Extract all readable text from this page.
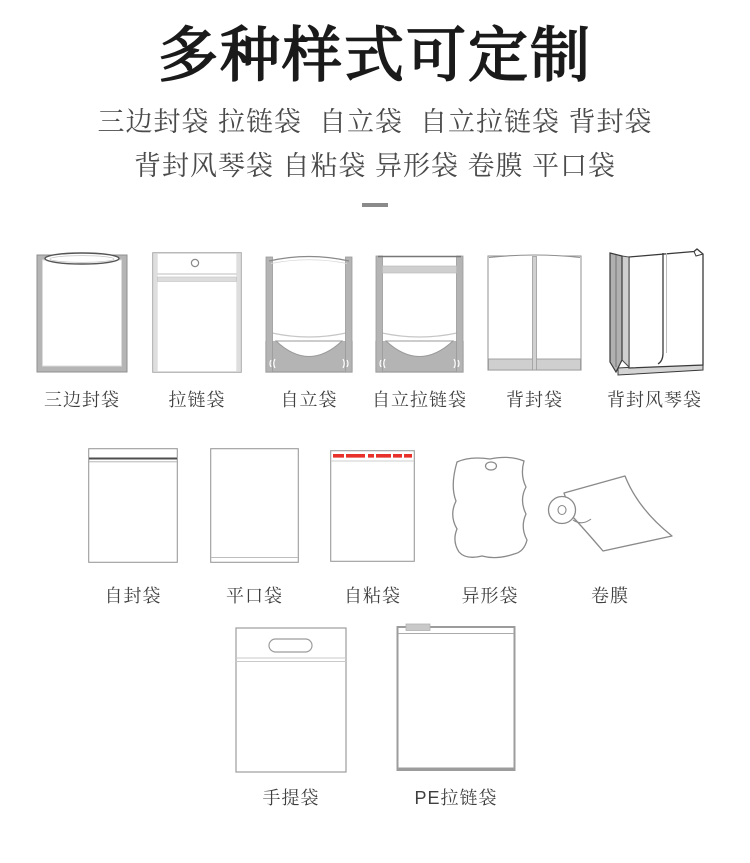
多种样式可定制
三边封袋 拉链袋  自立袋  自立拉链袋 背封袋
背封风琴袋 自粘袋 异形袋 卷膜 平口袋
三边封袋	拉链袋	自立袋 自立拉链袋 背封袋 背封风琴袋
自封袋	平口袋	自粘袋	异形袋	卷膜
手提袋	PE拉链袋
